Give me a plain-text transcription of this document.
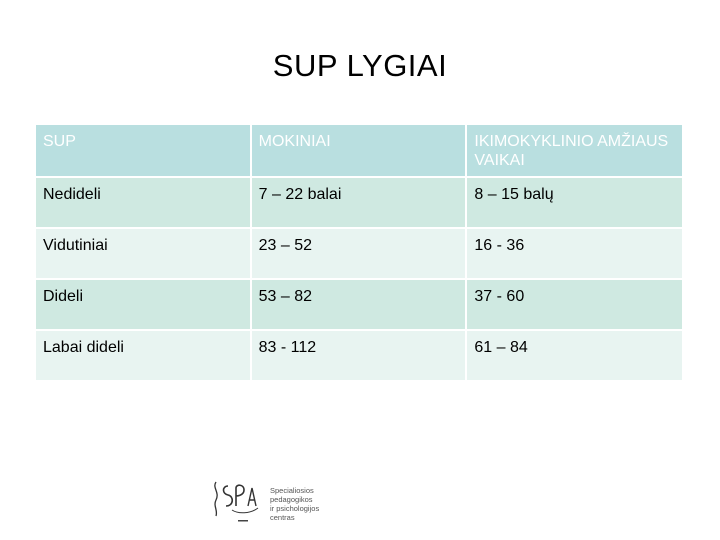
SUP LYGIAI
SUP	MOKINIAI	IKIMOKYKLINIO AMŽIAUS VAIKAI
Nedideli	7 – 22 balai	8 – 15 balų
Vidutiniai	23 – 52	16 - 36
Dideli	53 – 82	37 - 60
Labai dideli	83 - 112	61 – 84
Specialiosios
pedagogikos
ir psichologijos
centras
